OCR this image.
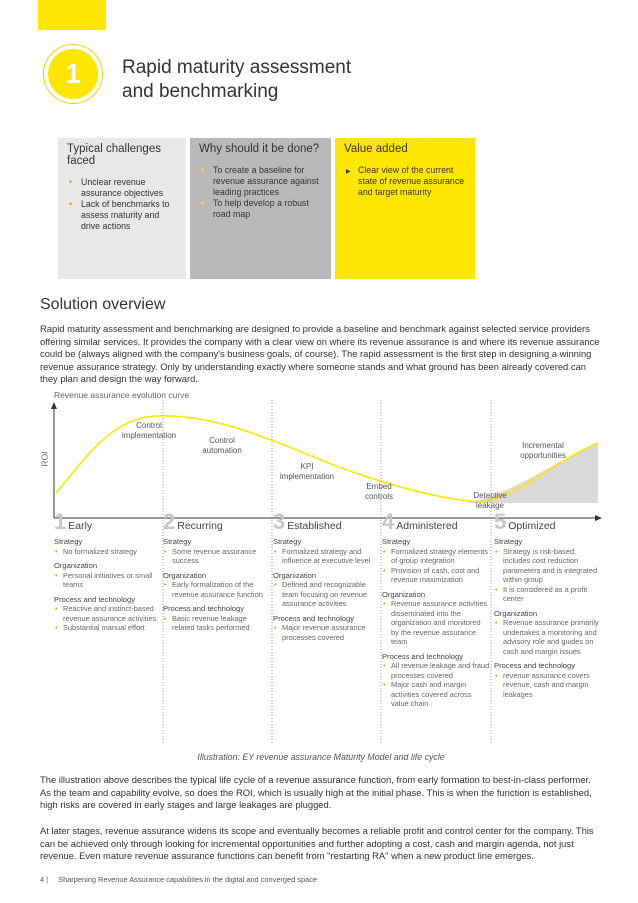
1 Rapid maturity assessment
and benchmarking
Typical challenges faced
• Unclear revenue assurance objectives
• Lack of benchmarks to assess maturity and drive actions
Why should it be done?
• To create a baseline for revenue assurance against leading practices
• To help develop a robust road map
Value added
▶ Clear view of the current state of revenue assurance and target maturity
Solution overview
Rapid maturity assessment and benchmarking are designed to provide a baseline and benchmark against selected service providers offering similar services. It provides the company with a clear view on where its revenue assurance is and where its revenue assurance could be (always aligned with the company's business goals, of course). The rapid assessment is the first step in designing a winning revenue assurance strategy. Only by understanding exactly where someone stands and what ground has been already covered can they plan and design the way forward.
Revenue assurance evolution curve
ROI
Control implementation
Control automation
KPI implementation
Embed controls	Detective leakage
Incremental opportunities
1 Early
Strategy
• No formalized strategy
Organization
• Personal initiatives or small teams
Process and technology
• Reactive and instinct-based revenue assurance activities
• Substantial manual effort
2 Recurring
Strategy
• Some revenue assurance success
Organization
• Early formalization of the revenue assurance function
Process and technology
• Basic revenue leakage related tasks performed
3 Established
Strategy
• Formalized strategy and influence at executive level
Organization
• Defined and recognizable team focusing on revenue assurance activities
Process and technology
• Major revenue assurance processes covered
4 Administered
Strategy
• Formalized strategy elements of group integration
• Provision of cash, cost and revenue maximization
Organization
• Revenue assurance activities disseminated into the organization and monitored by the revenue assurance team
Process and technology
• All revenue leakage and fraud processes covered
• Major cash and margin activities covered across value chain
5 Optimized
Strategy
• Strategy is risk-based, includes cost reduction parameters and is integrated within group
• It is considered as a profit center
Organization
• Revenue assurance primarily undertakes a monitoring and advisory role and guides on cash and margin issues
Process and technology
• revenue assurance covers revenue, cash and margin leakages
Illustration: EY revenue assurance Maturity Model and life cycle
The illustration above describes the typical life cycle of a revenue assurance function, from early formation to best-in-class performer. As the team and capability evolve, so does the ROI, which is usually high at the initial phase. This is when the function is established, high risks are covered in early stages and large leakages are plugged.
At later stages, revenue assurance widens its scope and eventually becomes a reliable profit and control center for the company. This can be achieved only through looking for incremental opportunities and further adopting a cost, cash and margin agenda, not just revenue. Even mature revenue assurance functions can benefit from "restarting RA" when a new product line emerges.
4 | Sharpening Revenue Assurance capabilities in the digital and converged space
